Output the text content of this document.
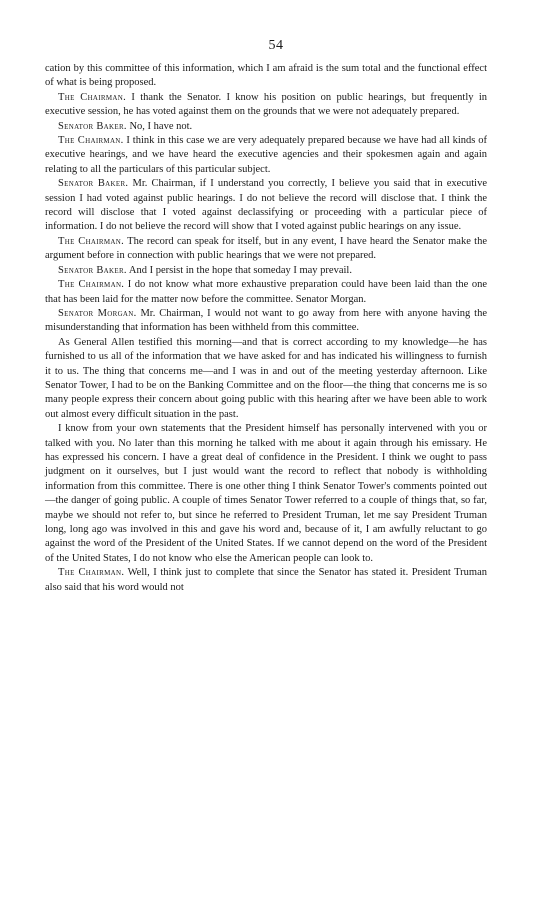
54

cation by this committee of this information, which I am afraid is the sum total and the functional effect of what is being proposed.

The Chairman. I thank the Senator. I know his position on public hearings, but frequently in executive session, he has voted against them on the grounds that we were not adequately prepared.

Senator Baker. No, I have not.

The Chairman. I think in this case we are very adequately prepared because we have had all kinds of executive hearings, and we have heard the executive agencies and their spokesmen again and again relating to all the particulars of this particular subject.

Senator Baker. Mr. Chairman, if I understand you correctly, I believe you said that in executive session I had voted against public hearings. I do not believe the record will disclose that. I think the record will disclose that I voted against declassifying or proceeding with a particular piece of information. I do not believe the record will show that I voted against public hearings on any issue.

The Chairman. The record can speak for itself, but in any event, I have heard the Senator make the argument before in connection with public hearings that we were not prepared.

Senator Baker. And I persist in the hope that someday I may prevail.

The Chairman. I do not know what more exhaustive preparation could have been laid than the one that has been laid for the matter now before the committee. Senator Morgan.

Senator Morgan. Mr. Chairman, I would not want to go away from here with anyone having the misunderstanding that information has been withheld from this committee.

As General Allen testified this morning—and that is correct according to my knowledge—he has furnished to us all of the information that we have asked for and has indicated his willingness to furnish it to us. The thing that concerns me—and I was in and out of the meeting yesterday afternoon. Like Senator Tower, I had to be on the Banking Committee and on the floor—the thing that concerns me is so many people express their concern about going public with this hearing after we have been able to work out almost every difficult situation in the past.

I know from your own statements that the President himself has personally intervened with you or talked with you. No later than this morning he talked with me about it again through his emissary. He has expressed his concern. I have a great deal of confidence in the President. I think we ought to pass judgment on it ourselves, but I just would want the record to reflect that nobody is withholding information from this committee. There is one other thing I think Senator Tower's comments pointed out—the danger of going public. A couple of times Senator Tower referred to a couple of things that, so far, maybe we should not refer to, but since he referred to President Truman, let me say President Truman long, long ago was involved in this and gave his word and, because of it, I am awfully reluctant to go against the word of the President of the United States. If we cannot depend on the word of the President of the United States, I do not know who else the American people can look to.

The Chairman. Well, I think just to complete that since the Senator has stated it. President Truman also said that his word would not
